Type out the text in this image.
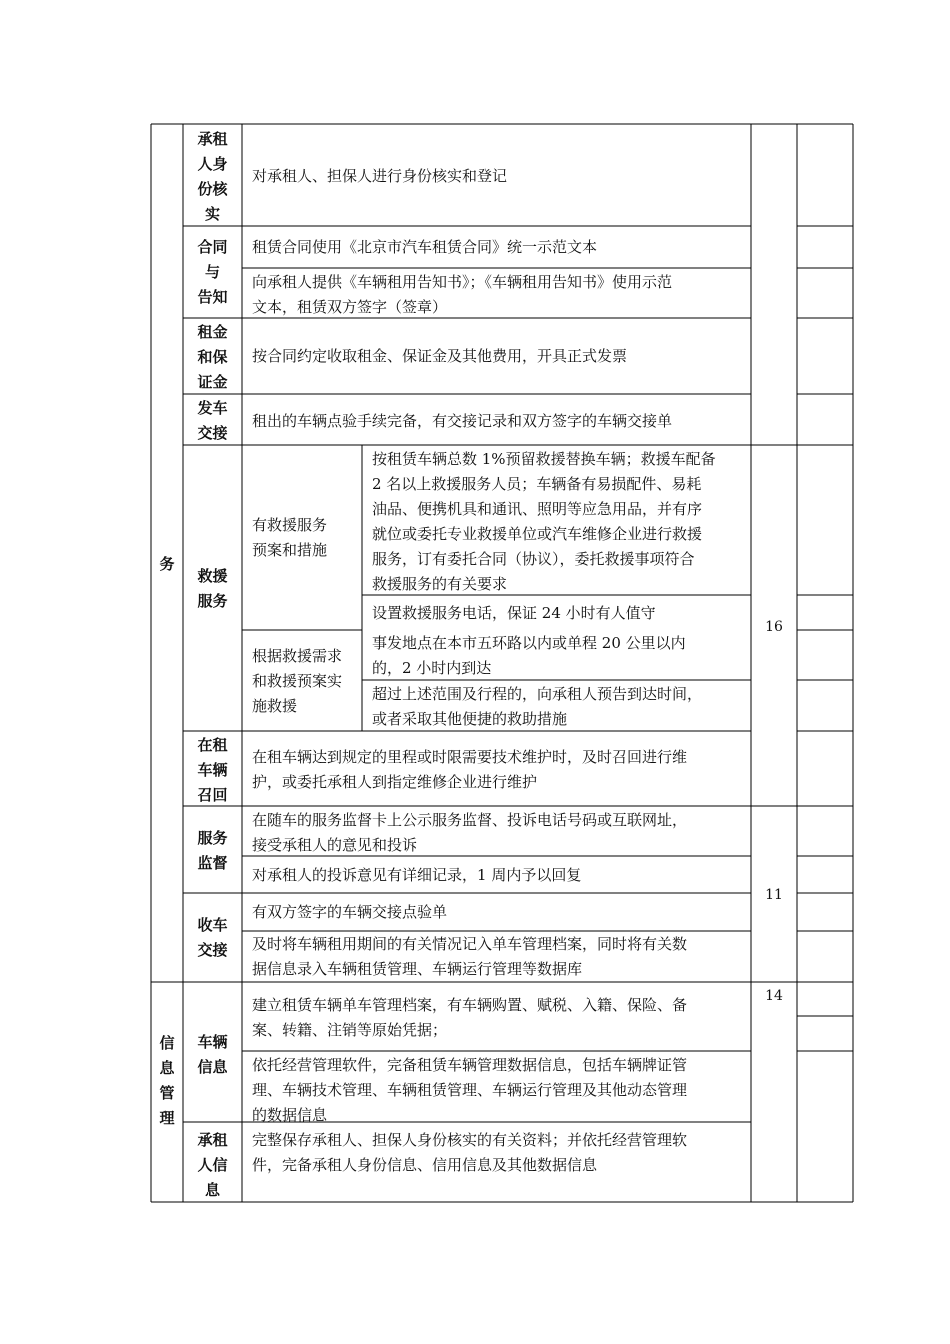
务
信
息
管
理
承租
人身
份核
实
合同
与
告知
租金
和保
证金
发车
交接
救援
服务
在租
车辆
召回
服务
监督
收车
交接
车辆
信息
承租
人信
息
有救援服务
预案和措施
根据救援需求
和救援预案实
施救援
对承租人、担保人进行身份核实和登记
租赁合同使用《北京市汽车租赁合同》统一示范文本
向承租人提供《车辆租用告知书》；《车辆租用告知书》使用示范
文本，租赁双方签字（签章）
按合同约定收取租金、保证金及其他费用，开具正式发票
租出的车辆点验手续完备，有交接记录和双方签字的车辆交接单
按租赁车辆总数 1%预留救援替换车辆；救援车配备
2 名以上救援服务人员；车辆备有易损配件、易耗
油品、便携机具和通讯、照明等应急用品，并有序
就位或委托专业救援单位或汽车维修企业进行救援
服务，订有委托合同（协议），委托救援事项符合
救援服务的有关要求
设置救援服务电话，保证 24 小时有人值守
事发地点在本市五环路以内或单程 20 公里以内
的，2 小时内到达
超过上述范围及行程的，向承租人预告到达时间，
或者采取其他便捷的救助措施
在租车辆达到规定的里程或时限需要技术维护时，及时召回进行维
护，或委托承租人到指定维修企业进行维护
在随车的服务监督卡上公示服务监督、投诉电话号码或互联网址，
接受承租人的意见和投诉
对承租人的投诉意见有详细记录，1 周内予以回复
有双方签字的车辆交接点验单
及时将车辆租用期间的有关情况记入单车管理档案，同时将有关数
据信息录入车辆租赁管理、车辆运行管理等数据库
建立租赁车辆单车管理档案，有车辆购置、赋税、入籍、保险、备
案、转籍、注销等原始凭据；
依托经营管理软件，完备租赁车辆管理数据信息，包括车辆牌证管
理、车辆技术管理、车辆租赁管理、车辆运行管理及其他动态管理
的数据信息
完整保存承租人、担保人身份核实的有关资料；并依托经营管理软
件，完备承租人身份信息、信用信息及其他数据信息
16
11
14
